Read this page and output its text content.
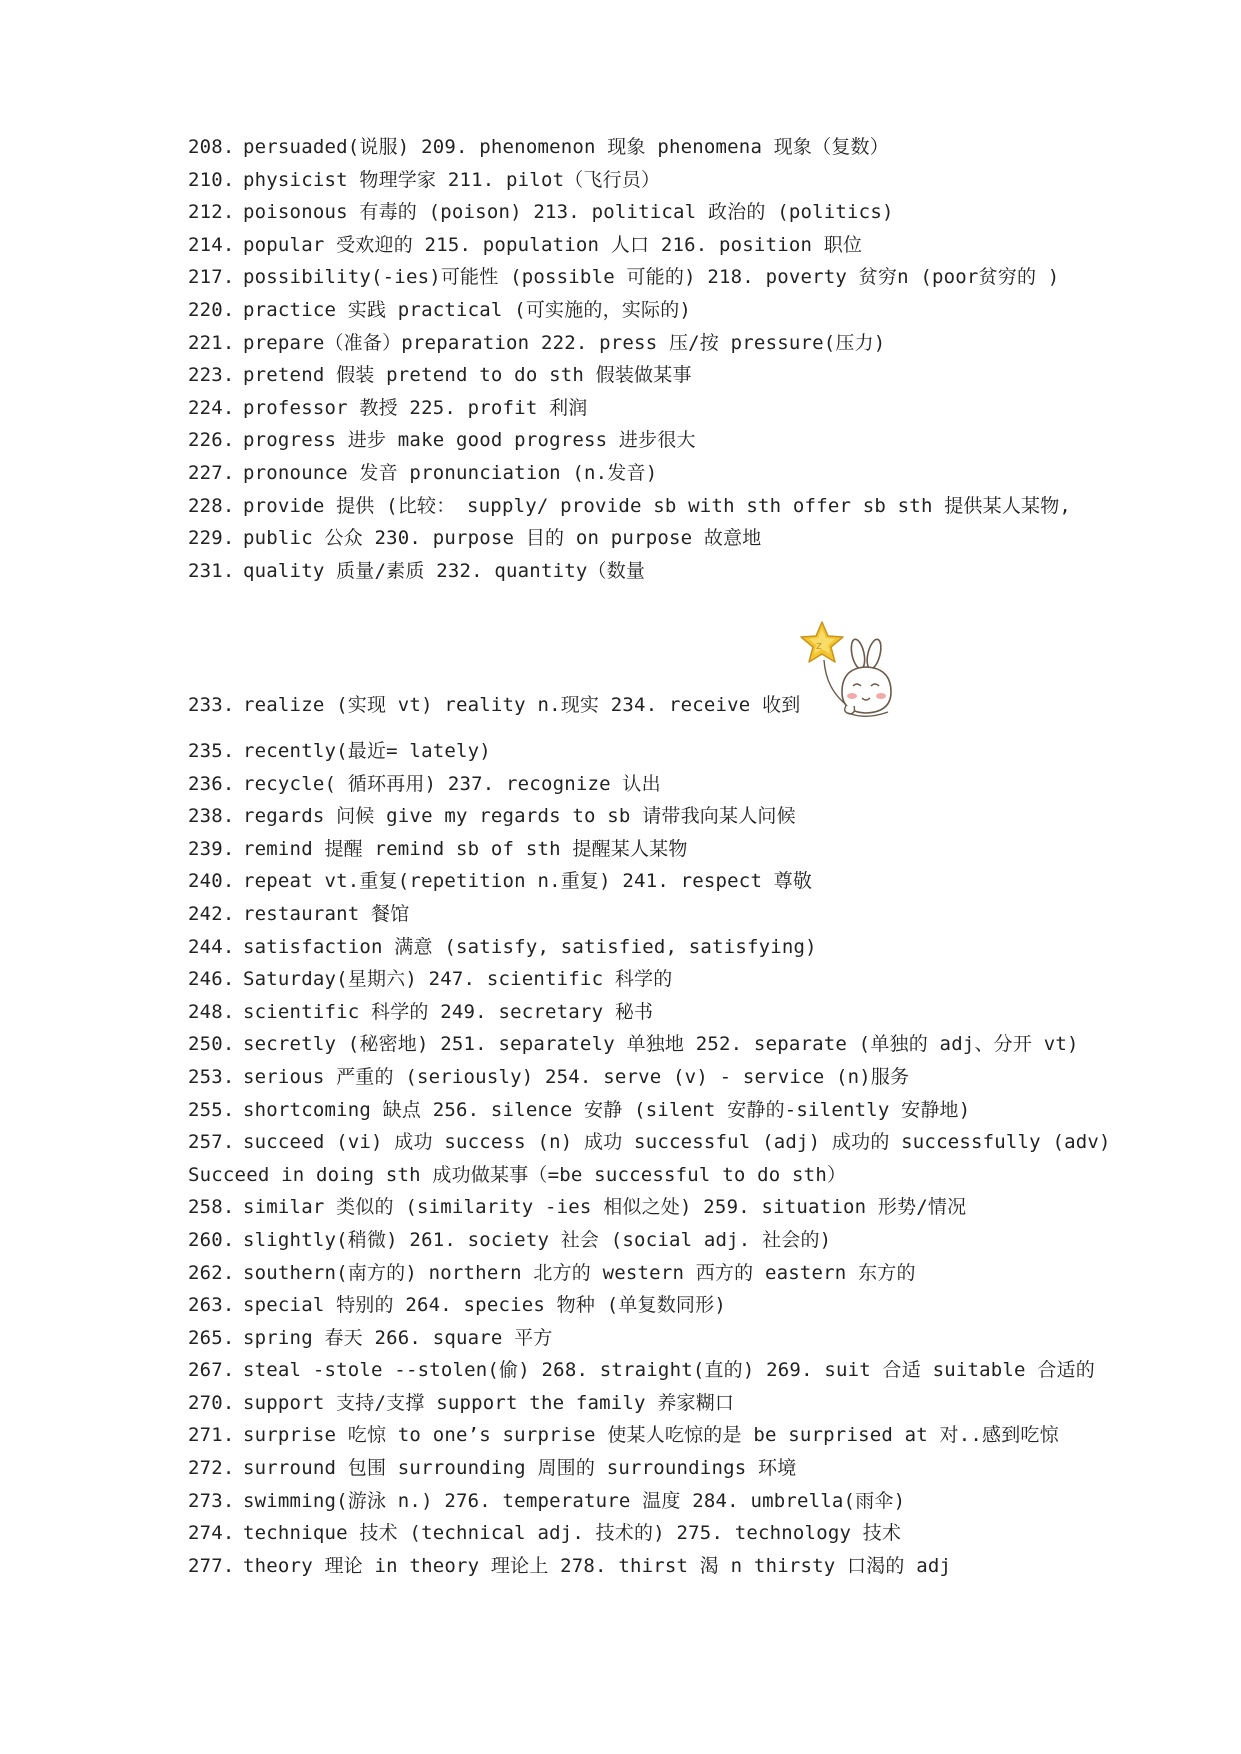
208. persuaded(说服) 209. phenomenon 现象 phenomena 现象（复数）
210. physicist 物理学家 211. pilot（飞行员）
212. poisonous 有毒的 (poison) 213. political 政治的 (politics)
214. popular 受欢迎的 215. population 人口 216. position 职位
217. possibility(-ies)可能性 (possible 可能的) 218. poverty 贫穷n (poor贫穷的 )
220. practice 实践 practical (可实施的，实际的)
221. prepare（准备）preparation 222. press 压/按 pressure(压力)
223. pretend 假装 pretend to do sth 假装做某事
224. professor 教授 225. profit 利润
226. progress 进步 make good progress 进步很大
227. pronounce 发音 pronunciation (n.发音)
228. provide 提供 (比较： supply/ provide sb with sth offer sb sth 提供某人某物,
229. public 公众 230. purpose 目的 on purpose 故意地
231. quality 质量/素质 232. quantity（数量
233. realize (实现 vt) reality n.现实 234. receive 收到
235. recently(最近= lately)
236. recycle( 循环再用) 237. recognize 认出
238. regards 问候 give my regards to sb 请带我向某人问候
239. remind 提醒 remind sb of sth 提醒某人某物
240. repeat vt.重复(repetition n.重复) 241. respect 尊敬
242. restaurant 餐馆
244. satisfaction 满意 (satisfy, satisfied, satisfying)
246. Saturday(星期六) 247. scientific 科学的
248. scientific 科学的 249. secretary 秘书
250. secretly (秘密地) 251. separately 单独地 252. separate (单独的 adj、分开 vt)
253. serious 严重的 (seriously) 254. serve (v) - service (n)服务
255. shortcoming 缺点 256. silence 安静 (silent 安静的-silently 安静地)
257. succeed (vi) 成功 success (n) 成功 successful (adj) 成功的 successfully (adv)
Succeed in doing sth 成功做某事（=be successful to do sth）
258. similar 类似的 (similarity -ies 相似之处) 259. situation 形势/情况
260. slightly(稍微) 261. society 社会 (social adj. 社会的)
262. southern(南方的) northern 北方的 western 西方的 eastern 东方的
263. special 特别的 264. species 物种 (单复数同形)
265. spring 春天 266. square 平方
267. steal -stole --stolen(偷) 268. straight(直的) 269. suit 合适 suitable 合适的
270. support 支持/支撑 support the family 养家糊口
271. surprise 吃惊 to one’s surprise 使某人吃惊的是 be surprised at 对..感到吃惊
272. surround 包围 surrounding 周围的 surroundings 环境
273. swimming(游泳 n.) 276. temperature 温度 284. umbrella(雨伞)
274. technique 技术 (technical adj. 技术的) 275. technology 技术
277. theory 理论 in theory 理论上 278. thirst 渴 n thirsty 口渴的 adj
z
